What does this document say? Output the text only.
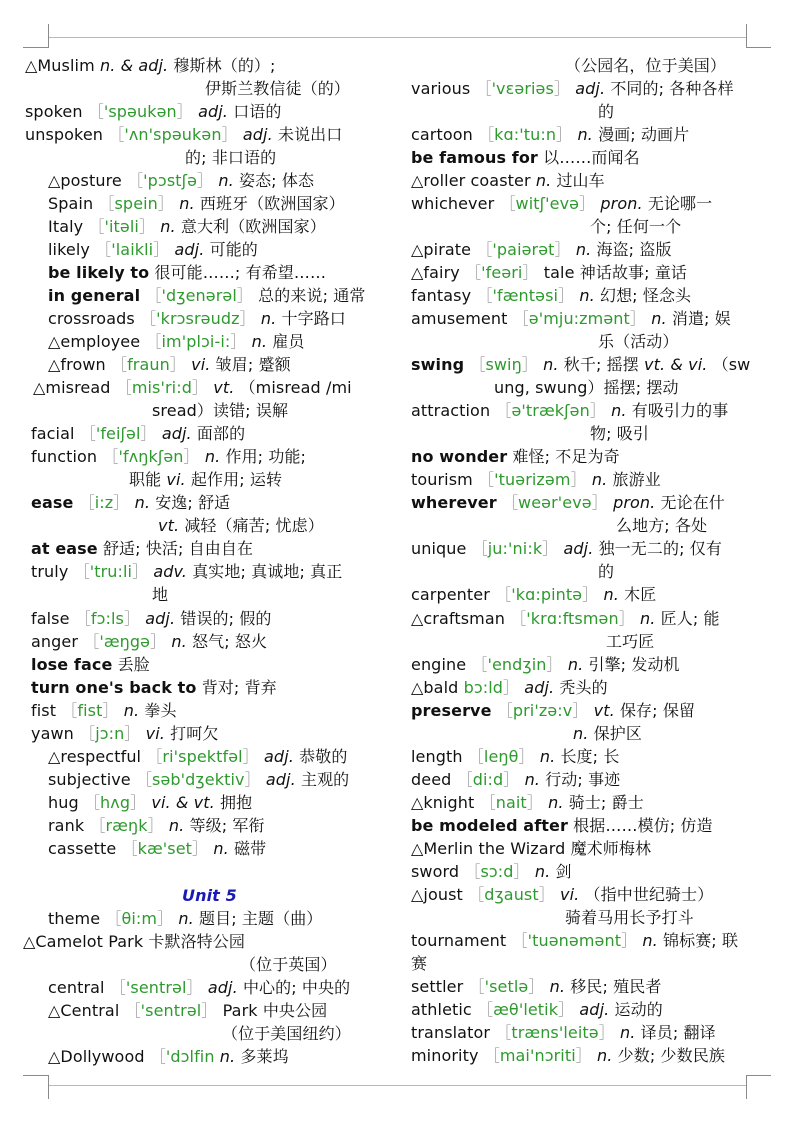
△Muslim n. & adj. 穆斯林（的）;
伊斯兰教信徒（的）
spoken ［'spəukən］ adj. 口语的
unspoken ［'ʌn'spəukən］ adj. 未说出口
的; 非口语的
△posture ［'pɔstʃə］ n. 姿态; 体态
Spain ［spein］ n. 西班牙（欧洲国家）
Italy ［'itəli］ n. 意大利（欧洲国家）
likely ［'laikli］ adj. 可能的
be likely to 很可能……; 有希望……
in general ［'dʒenərəl］ 总的来说; 通常
crossroads ［'krɔsrəudz］ n. 十字路口
△employee ［im'plɔi-i:］ n. 雇员
△frown ［fraun］ vi. 皱眉; 蹙额
△misread ［mis'ri:d］ vt. （misread /mi
sread）读错; 误解
facial ［'feiʃəl］ adj. 面部的
function ［'fʌŋkʃən］ n. 作用; 功能;
职能 vi. 起作用; 运转
ease ［i:z］ n. 安逸; 舒适
vt. 减轻（痛苦; 忧虑）
at ease 舒适; 快活; 自由自在
truly ［'tru:li］ adv. 真实地; 真诚地; 真正
地
false ［fɔ:ls］ adj. 错误的; 假的
anger ［'æŋgə］ n. 怒气; 怒火
lose face 丢脸
turn one's back to 背对; 背弃
fist ［fist］ n. 拳头
yawn ［jɔ:n］ vi. 打呵欠
△respectful ［ri'spektfəl］ adj. 恭敬的
subjective ［səb'dʒektiv］ adj. 主观的
hug ［hʌg］ vi. & vt. 拥抱
rank ［ræŋk］ n. 等级; 军衔
cassette ［kæ'set］ n. 磁带
Unit 5
theme ［θi:m］ n. 题目; 主题（曲）
△Camelot Park 卡默洛特公园
（位于英国）
central ［'sentrəl］ adj. 中心的; 中央的
△Central ［'sentrəl］ Park 中央公园
（位于美国纽约）
△Dollywood ［'dɔlfin n. 多莱坞
（公园名，位于美国）
various ［'vɛəriəs］ adj. 不同的; 各种各样
的
cartoon ［kɑ:'tu:n］ n. 漫画; 动画片
be famous for 以……而闻名
△roller coaster n. 过山车
whichever ［witʃ'evə］ pron. 无论哪一
个; 任何一个
△pirate ［'paiərət］ n. 海盗; 盗版
△fairy ［'feəri］ tale 神话故事; 童话
fantasy ［'fæntəsi］ n. 幻想; 怪念头
amusement ［ə'mju:zmənt］ n. 消遣; 娱
乐（活动）
swing ［swiŋ］ n. 秋千; 摇摆 vt. & vi. （sw
ung, swung）摇摆; 摆动
attraction ［ə'trækʃən］ n. 有吸引力的事
物; 吸引
no wonder 难怪; 不足为奇
tourism ［'tuərizəm］ n. 旅游业
wherever ［weər'evə］ pron. 无论在什
么地方; 各处
unique ［ju:'ni:k］ adj. 独一无二的; 仅有
的
carpenter ［'kɑ:pintə］ n. 木匠
△craftsman ［'krɑ:ftsmən］ n. 匠人; 能
工巧匠
engine ［'endʒin］ n. 引擎; 发动机
△bald bɔ:ld］ adj. 秃头的
preserve ［pri'zə:v］ vt. 保存; 保留
n. 保护区
length ［leŋθ］ n. 长度; 长
deed ［di:d］ n. 行动; 事迹
△knight ［nait］ n. 骑士; 爵士
be modeled after 根据……模仿; 仿造
△Merlin the Wizard 魔术师梅林
sword ［sɔ:d］ n. 剑
△joust ［dʒaust］ vi. （指中世纪骑士）
骑着马用长予打斗
tournament ［'tuənəmənt］ n. 锦标赛; 联
赛
settler ［'setlə］ n. 移民; 殖民者
athletic ［æθ'letik］ adj. 运动的
translator ［træns'leitə］ n. 译员; 翻译
minority ［mai'nɔriti］ n. 少数; 少数民族
